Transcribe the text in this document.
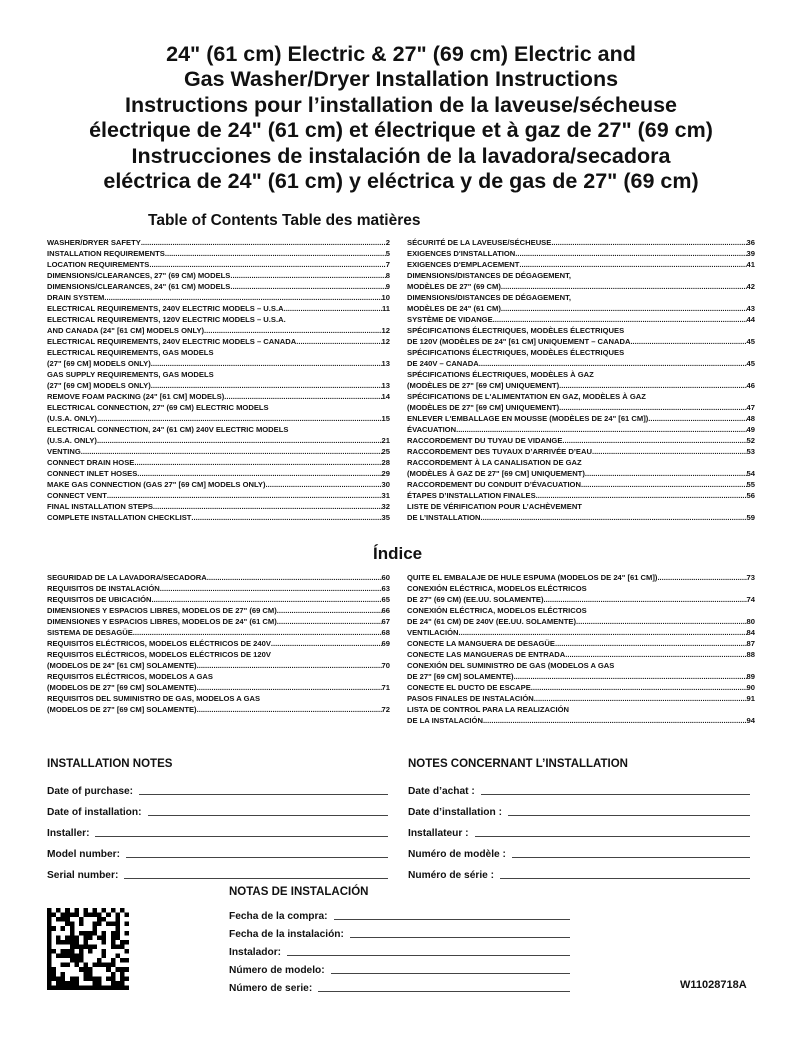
24" (61 cm) Electric & 27" (69 cm) Electric and
Gas Washer/Dryer Installation Instructions
Instructions pour l’installation de la laveuse/sécheuse
électrique de 24" (61 cm) et électrique et à gaz de 27" (69 cm)
Instrucciones de instalación de la lavadora/secadora
eléctrica de 24" (61 cm) y eléctrica y de gas de 27" (69 cm)
Table of Contents Table des matières
WASHER/DRYER SAFETY .....	2
INSTALLATION REQUIREMENTS .....	5
LOCATION REQUIREMENTS .....	7
DIMENSIONS/CLEARANCES, 27" (69 CM) MODELS .....	8
DIMENSIONS/CLEARANCES, 24" (61 CM) MODELS .....	9
DRAIN SYSTEM .....	10
ELECTRICAL REQUIREMENTS, 240V ELECTRIC MODELS – U.S.A. .....	11
ELECTRICAL REQUIREMENTS, 120V ELECTRIC MODELS – U.S.A.
AND CANADA (24" [61 CM] MODELS ONLY) .....	12
ELECTRICAL REQUIREMENTS, 240V ELECTRIC MODELS – CANADA .....	12
ELECTRICAL REQUIREMENTS, GAS MODELS
(27" [69 CM] MODELS ONLY) .....	13
GAS SUPPLY REQUIREMENTS, GAS MODELS
(27" [69 CM] MODELS ONLY) .....	13
REMOVE FOAM PACKING (24" [61 CM] MODELS) .....	14
ELECTRICAL CONNECTION, 27" (69 CM) ELECTRIC MODELS
(U.S.A. ONLY) .....	15
ELECTRICAL CONNECTION, 24" (61 CM) 240V ELECTRIC MODELS
(U.S.A. ONLY) .....	21
VENTING .....	25
CONNECT DRAIN HOSE .....	28
CONNECT INLET HOSES .....	29
MAKE GAS CONNECTION (GAS 27" [69 CM] MODELS ONLY) .....	30
CONNECT VENT .....	31
FINAL INSTALLATION STEPS .....	32
COMPLETE INSTALLATION CHECKLIST .....	35
SÉCURITÉ DE LA LAVEUSE/SÉCHEUSE .....	36
EXIGENCES D'INSTALLATION .....	39
EXIGENCES D'EMPLACEMENT .....	41
DIMENSIONS/DISTANCES DE DÉGAGEMENT,
MODÈLES DE 27" (69 CM) .....	42
DIMENSIONS/DISTANCES DE DÉGAGEMENT,
MODÈLES DE 24" (61 CM) .....	43
SYSTÈME DE VIDANGE .....	44
SPÉCIFICATIONS ÉLECTRIQUES, MODÈLES ÉLECTRIQUES
DE 120V (MODÈLES DE 24" [61 CM] UNIQUEMENT – CANADA .....	45
SPÉCIFICATIONS ÉLECTRIQUES, MODÈLES ÉLECTRIQUES
DE 240V – CANADA .....	45
SPÉCIFICATIONS ÉLECTRIQUES, MODÈLES À GAZ
(MODÈLES DE 27" [69 CM] UNIQUEMENT) .....	46
SPÉCIFICATIONS DE L'ALIMENTATION EN GAZ, MODÈLES À GAZ
(MODÈLES DE 27" [69 CM] UNIQUEMENT) .....	47
ENLEVER L'EMBALLAGE EN MOUSSE (MODÈLES DE 24" [61 CM]) .....	48
ÉVACUATION .....	49
RACCORDEMENT DU TUYAU DE VIDANGE .....	52
RACCORDEMENT DES TUYAUX D’ARRIVÉE D’EAU .....	53
RACCORDEMENT À LA CANALISATION DE GAZ
(MODÈLES À GAZ DE 27" [69 CM] UNIQUEMENT) .....	54
RACCORDEMENT DU CONDUIT D’ÉVACUATION .....	55
ÉTAPES D’INSTALLATION FINALES .....	56
LISTE DE VÉRIFICATION POUR L’ACHÈVEMENT
DE L’INSTALLATION .....	59
Índice
SEGURIDAD DE LA LAVADORA/SECADORA .....	60
REQUISITOS DE INSTALACIÓN .....	63
REQUISITOS DE UBICACIÓN .....	65
DIMENSIONES Y ESPACIOS LIBRES, MODELOS DE 27" (69 CM) .....	66
DIMENSIONES Y ESPACIOS LIBRES, MODELOS DE 24" (61 CM) .....	67
SISTEMA DE DESAGÜE .....	68
REQUISITOS ELÉCTRICOS, MODELOS ELÉCTRICOS DE 240V .....	69
REQUISITOS ELÉCTRICOS, MODELOS ELÉCTRICOS DE 120V
(MODELOS DE 24" [61 CM] SOLAMENTE) .....	70
REQUISITOS ELÉCTRICOS, MODELOS A GAS
(MODELOS DE 27" [69 CM] SOLAMENTE) .....	71
REQUISITOS DEL SUMINISTRO DE GAS, MODELOS A GAS
(MODELOS DE 27" [69 CM] SOLAMENTE) .....	72
QUITE EL EMBALAJE DE HULE ESPUMA (MODELOS DE 24" [61 CM]) .....	73
CONEXIÓN ELÉCTRICA, MODELOS ELÉCTRICOS
DE 27" (69 CM) (EE.UU. SOLAMENTE) .....	74
CONEXIÓN ELÉCTRICA, MODELOS ELÉCTRICOS
DE 24" (61 CM) DE 240V (EE.UU. SOLAMENTE) .....	80
VENTILACIÓN .....	84
CONECTE LA MANGUERA DE DESAGÜE .....	87
CONECTE LAS MANGUERAS DE ENTRADA .....	88
CONEXIÓN DEL SUMINISTRO DE GAS (MODELOS A GAS
DE 27" [69 CM] SOLAMENTE) .....	89
CONECTE EL DUCTO DE ESCAPE .....	90
PASOS FINALES DE INSTALACIÓN .....	91
LISTA DE CONTROL PARA LA REALIZACIÓN
DE LA INSTALACIÓN .....	94
INSTALLATION NOTES
Date of purchase:
Date of installation:
Installer:
Model number:
Serial number:
NOTES CONCERNANT L’INSTALLATION
Date d’achat :
Date d’installation :
Installateur :
Numéro de modèle :
Numéro de série :
NOTAS DE INSTALACIÓN
Fecha de la compra:
Fecha de la instalación:
Instalador:
Número de modelo:
Número de serie:	W11028718A
